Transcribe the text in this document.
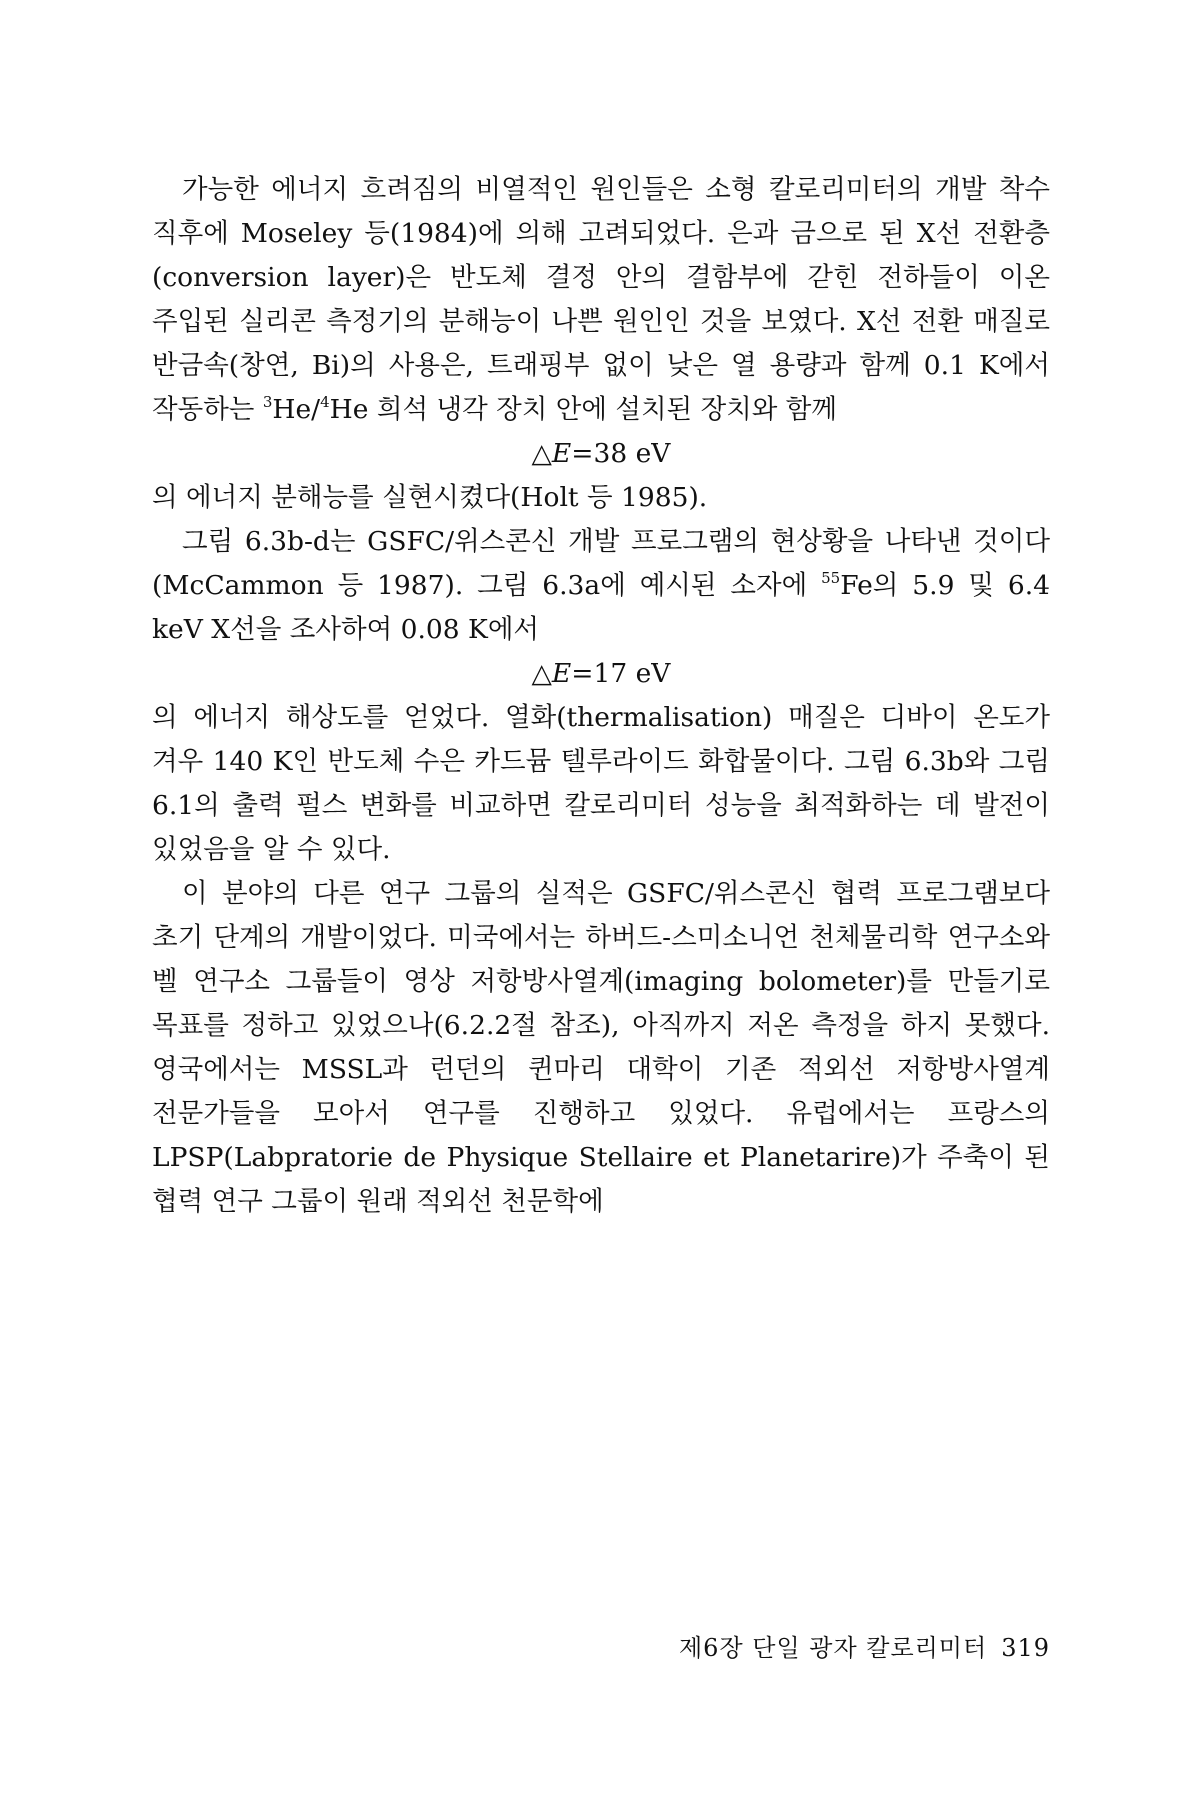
가능한 에너지 흐려짐의 비열적인 원인들은 소형 칼로리미터의 개발 착수 직후에 Moseley 등(1984)에 의해 고려되었다. 은과 금으로 된 X선 전환층(conversion layer)은 반도체 결정 안의 결함부에 갇힌 전하들이 이온 주입된 실리콘 측정기의 분해능이 나쁜 원인인 것을 보였다. X선 전환 매질로 반금속(창연, Bi)의 사용은, 트래핑부 없이 낮은 열 용량과 함께 0.1 K에서 작동하는 $^3$He/$^4$He 희석 냉각 장치 안에 설치된 장치와 함께

△E=38 eV

의 에너지 분해능를 실현시켰다(Holt 등 1985).

그림 6.3b-d는 GSFC/위스콘신 개발 프로그램의 현상황을 나타낸 것이다(McCammon 등 1987). 그림 6.3a에 예시된 소자에 $^{55}$Fe의 5.9 및 6.4 keV X선을 조사하여 0.08 K에서

△E=17 eV

의 에너지 해상도를 얻었다. 열화(thermalisation) 매질은 디바이 온도가 겨우 140 K인 반도체 수은 카드뮴 텔루라이드 화합물이다. 그림 6.3b와 그림 6.1의 출력 펄스 변화를 비교하면 칼로리미터 성능을 최적화하는 데 발전이 있었음을 알 수 있다.

이 분야의 다른 연구 그룹의 실적은 GSFC/위스콘신 협력 프로그램보다 초기 단계의 개발이었다. 미국에서는 하버드-스미소니언 천체물리학 연구소와 벨 연구소 그룹들이 영상 저항방사열계(imaging bolometer)를 만들기로 목표를 정하고 있었으나(6.2.2절 참조), 아직까지 저온 측정을 하지 못했다. 영국에서는 MSSL과 런던의 퀸마리 대학이 기존 적외선 저항방사열계 전문가들을 모아서 연구를 진행하고 있었다. 유럽에서는 프랑스의 LPSP(Labpratorie de Physique Stellaire et Planetarire)가 주축이 된 협력 연구 그룹이 원래 적외선 천문학에

제6장 단일 광자 칼로리미터 319
